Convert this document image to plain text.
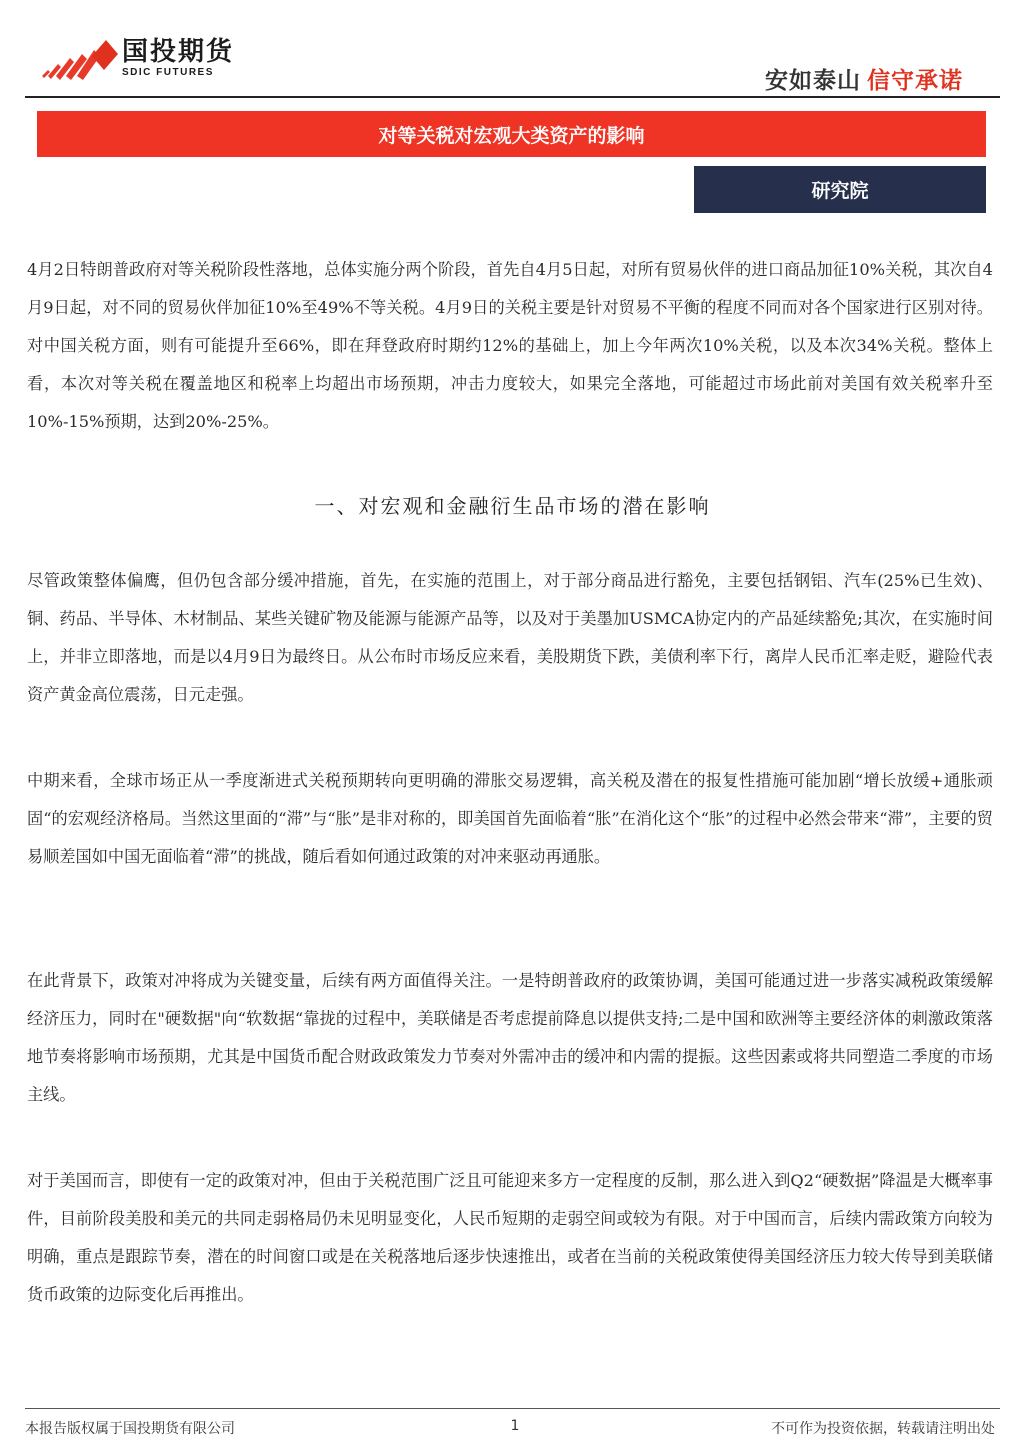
国投期货
SDIC FUTURES	安如泰山 信守承诺
对等关税对宏观大类资产的影响
研究院

4月2日特朗普政府对等关税阶段性落地，总体实施分两个阶段，首先自4月5日起，对所有贸易伙伴的进口商品加征10%关税，其次自4月9日起，对不同的贸易伙伴加征10%至49%不等关税。4月9日的关税主要是针对贸易不平衡的程度不同而对各个国家进行区别对待。对中国关税方面，则有可能提升至66%，即在拜登政府时期约12%的基础上，加上今年两次10%关税，以及本次34%关税。整体上看，本次对等关税在覆盖地区和税率上均超出市场预期，冲击力度较大，如果完全落地，可能超过市场此前对美国有效关税率升至10%-15%预期，达到20%-25%。

一、对宏观和金融衍生品市场的潜在影响

尽管政策整体偏鹰，但仍包含部分缓冲措施，首先，在实施的范围上，对于部分商品进行豁免，主要包括钢铝、汽车(25%已生效)、铜、药品、半导体、木材制品、某些关键矿物及能源与能源产品等，以及对于美墨加USMCA协定内的产品延续豁免;其次，在实施时间上，并非立即落地，而是以4月9日为最终日。从公布时市场反应来看，美股期货下跌，美债利率下行，离岸人民币汇率走贬，避险代表资产黄金高位震荡，日元走强。

中期来看，全球市场正从一季度渐进式关税预期转向更明确的滞胀交易逻辑，高关税及潜在的报复性措施可能加剧“增长放缓+通胀顽固“的宏观经济格局。当然这里面的“滞”与“胀”是非对称的，即美国首先面临着“胀”在消化这个“胀”的过程中必然会带来“滞”，主要的贸易顺差国如中国无面临着“滞”的挑战，随后看如何通过政策的对冲来驱动再通胀。

在此背景下，政策对冲将成为关键变量，后续有两方面值得关注。一是特朗普政府的政策协调，美国可能通过进一步落实减税政策缓解经济压力，同时在"硬数据"向“软数据“靠拢的过程中，美联储是否考虑提前降息以提供支持;二是中国和欧洲等主要经济体的刺激政策落地节奏将影响市场预期，尤其是中国货币配合财政政策发力节奏对外需冲击的缓冲和内需的提振。这些因素或将共同塑造二季度的市场主线。

对于美国而言，即使有一定的政策对冲，但由于关税范围广泛且可能迎来多方一定程度的反制，那么进入到Q2“硬数据”降温是大概率事件，目前阶段美股和美元的共同走弱格局仍未见明显变化，人民币短期的走弱空间或较为有限。对于中国而言，后续内需政策方向较为明确，重点是跟踪节奏，潜在的时间窗口或是在关税落地后逐步快速推出，或者在当前的关税政策使得美国经济压力较大传导到美联储货币政策的边际变化后再推出。

本报告版权属于国投期货有限公司	1	不可作为投资依据，转载请注明出处
